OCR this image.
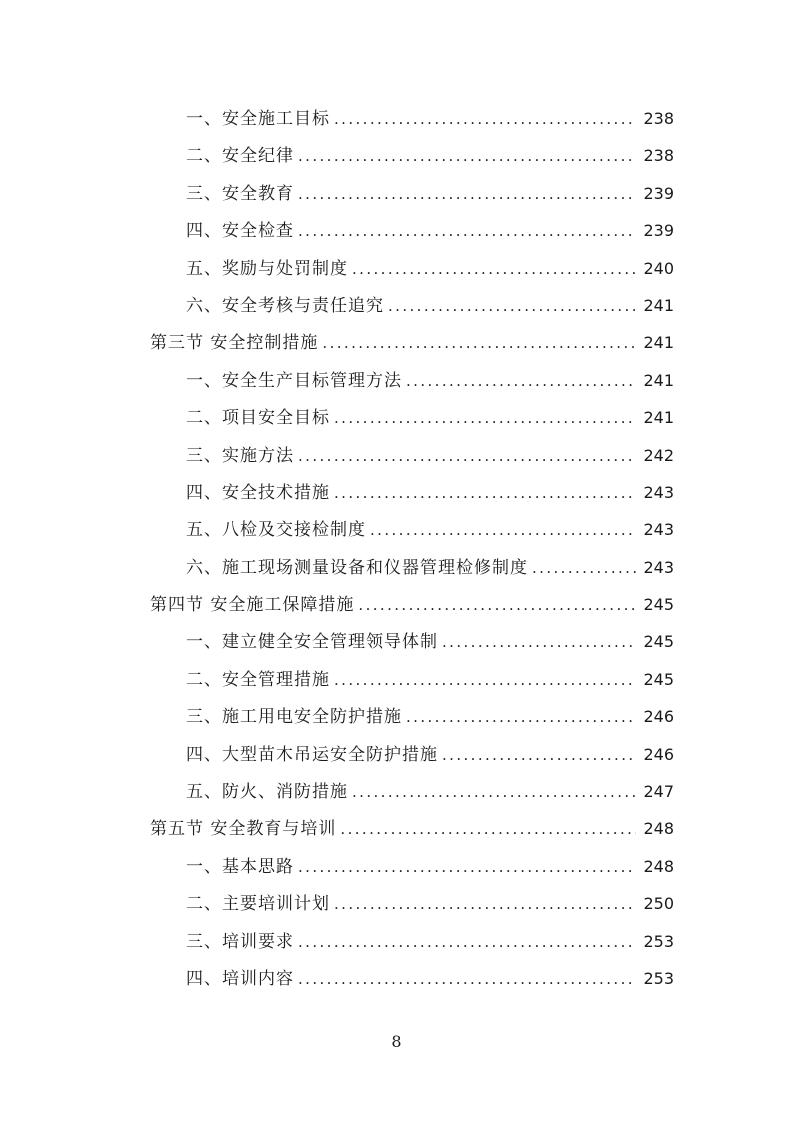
一、安全施工目标 .....	238
二、安全纪律 .....	238
三、安全教育 .....	239
四、安全检查 .....	239
五、奖励与处罚制度 .....	240
六、安全考核与责任追究 .....	241
第三节 安全控制措施 .....	241
一、安全生产目标管理方法 .....	241
二、项目安全目标 .....	241
三、实施方法 .....	242
四、安全技术措施 .....	243
五、八检及交接检制度 .....	243
六、施工现场测量设备和仪器管理检修制度 .....	243
第四节 安全施工保障措施 .....	245
一、建立健全安全管理领导体制 .....	245
二、安全管理措施 .....	245
三、施工用电安全防护措施 .....	246
四、大型苗木吊运安全防护措施 .....	246
五、防火、消防措施 .....	247
第五节 安全教育与培训 .....	248
一、基本思路 .....	248
二、主要培训计划 .....	250
三、培训要求 .....	253
四、培训内容 .....	253
8
